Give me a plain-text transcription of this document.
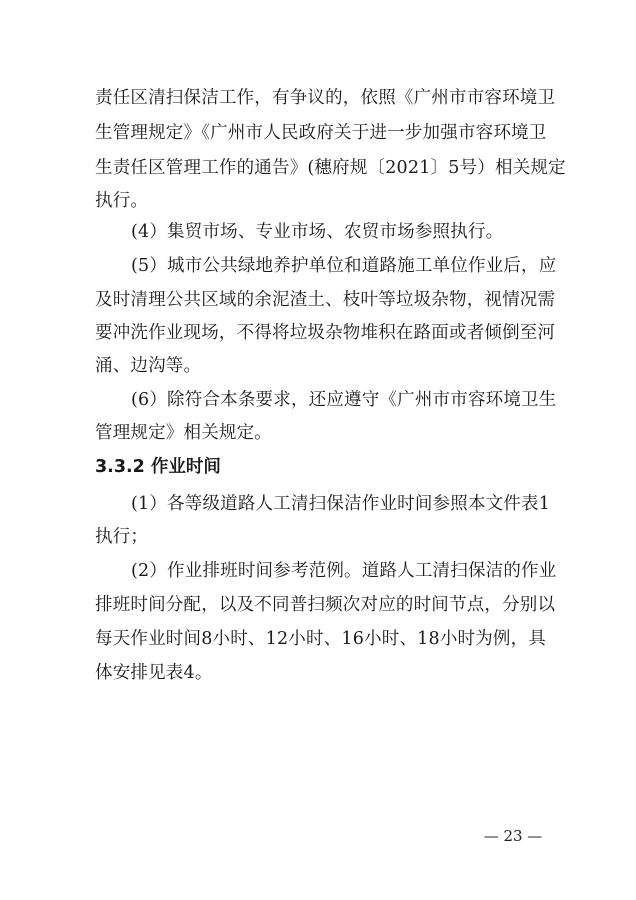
责任区清扫保洁工作，有争议的，依照《广州市市容环境卫
生管理规定》《广州市人民政府关于进一步加强市容环境卫
生责任区管理工作的通告》(穗府规〔2021〕5号）相关规定
执行。
(4）集贸市场、专业市场、农贸市场参照执行。
(5）城市公共绿地养护单位和道路施工单位作业后，应
及时清理公共区域的余泥渣土、枝叶等垃圾杂物，视情况需
要冲洗作业现场，不得将垃圾杂物堆积在路面或者倾倒至河
涌、边沟等。
(6）除符合本条要求，还应遵守《广州市市容环境卫生
管理规定》相关规定。
3.3.2 作业时间
(1）各等级道路人工清扫保洁作业时间参照本文件表1
执行；
(2）作业排班时间参考范例。道路人工清扫保洁的作业
排班时间分配，以及不同普扫频次对应的时间节点，分别以
每天作业时间8小时、12小时、16小时、18小时为例，具
体安排见表4。
— 23 —
